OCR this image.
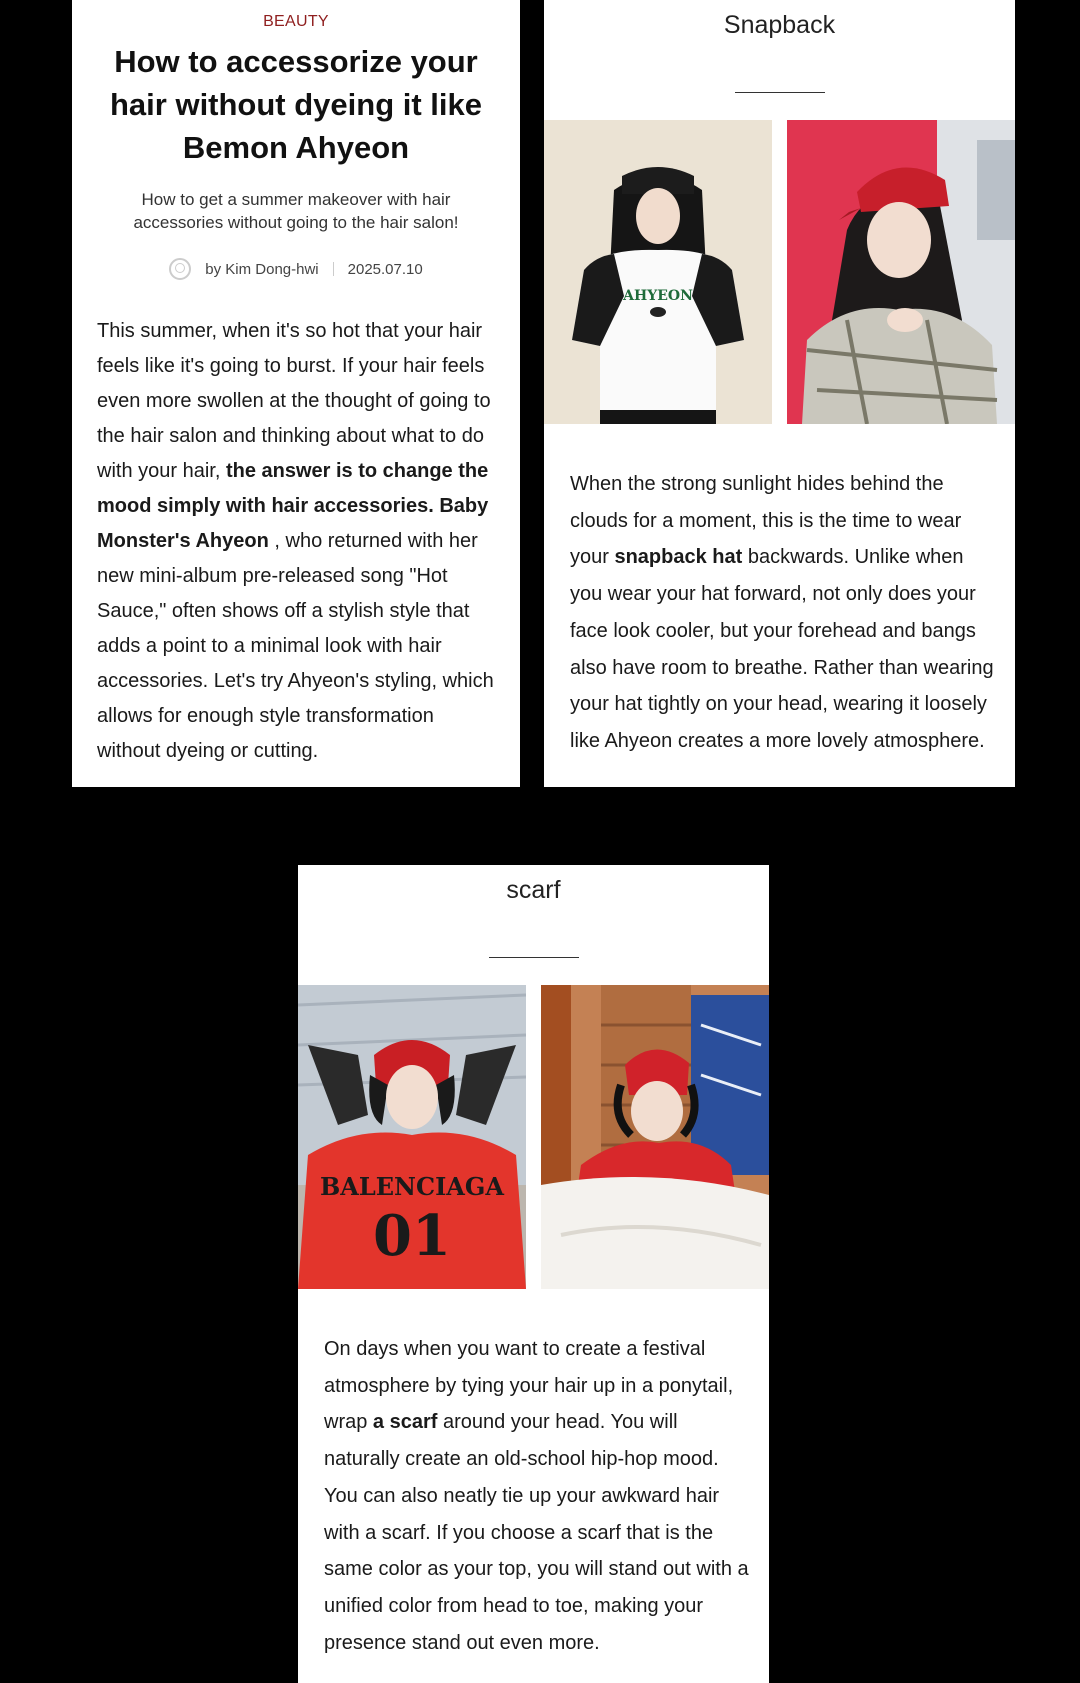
BEAUTY
How to accessorize your hair without dyeing it like Bemon Ahyeon
How to get a summer makeover with hair accessories without going to the hair salon!
by Kim Dong-hwi 2025.07.10
This summer, when it's so hot that your hair feels like it's going to burst. If your hair feels even more swollen at the thought of going to the hair salon and thinking about what to do with your hair, the answer is to change the mood simply with hair accessories. Baby Monster's Ahyeon , who returned with her new mini-album pre-released song "Hot Sauce," often shows off a stylish style that adds a point to a minimal look with hair accessories. Let's try Ahyeon's styling, which allows for enough style transformation without dyeing or cutting.
Snapback
AHYEON
When the strong sunlight hides behind the clouds for a moment, this is the time to wear your snapback hat backwards. Unlike when you wear your hat forward, not only does your face look cooler, but your forehead and bangs also have room to breathe. Rather than wearing your hat tightly on your head, wearing it loosely like Ahyeon creates a more lovely atmosphere.
scarf
BALENCIAGA
01
On days when you want to create a festival atmosphere by tying your hair up in a ponytail, wrap a scarf around your head. You will naturally create an old-school hip-hop mood. You can also neatly tie up your awkward hair with a scarf. If you choose a scarf that is the same color as your top, you will stand out with a unified color from head to toe, making your presence stand out even more.
